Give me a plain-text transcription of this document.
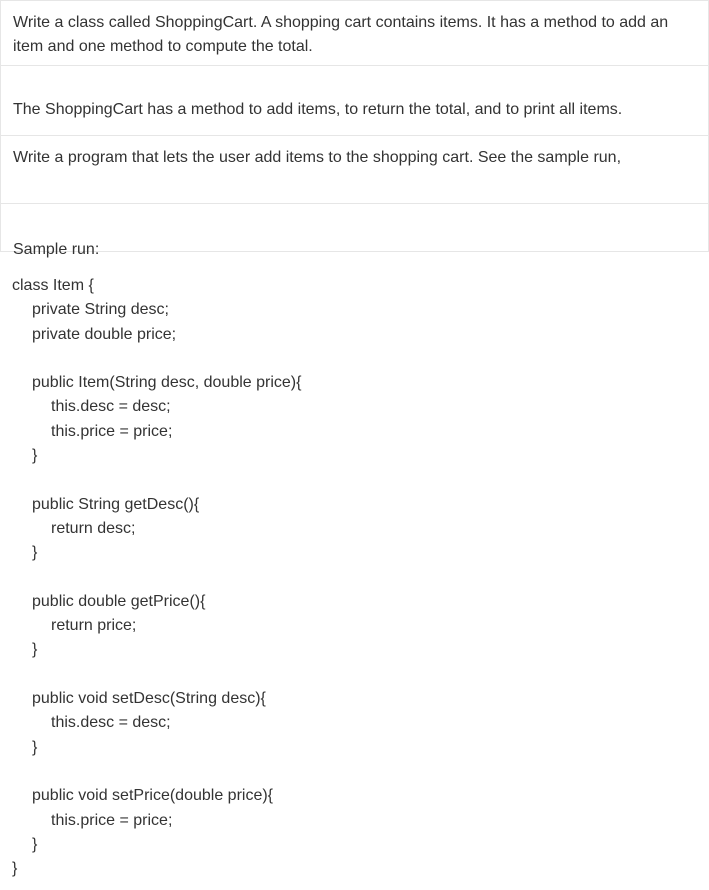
Write a class called ShoppingCart. A shopping cart contains items. It has a method to add an item and one method to compute the total.

The ShoppingCart has a method to add items, to return the total, and to print all items.

Write a program that lets the user add items to the shopping cart. See the sample run,

Sample run:

class Item {
private String desc;
private double price;
public Item(String desc, double price){
this.desc = desc;
this.price = price;
}
public String getDesc(){
return desc;
}
public double getPrice(){
return price;
}
public void setDesc(String desc){
this.desc = desc;
}
public void setPrice(double price){
this.price = price;
}
}
